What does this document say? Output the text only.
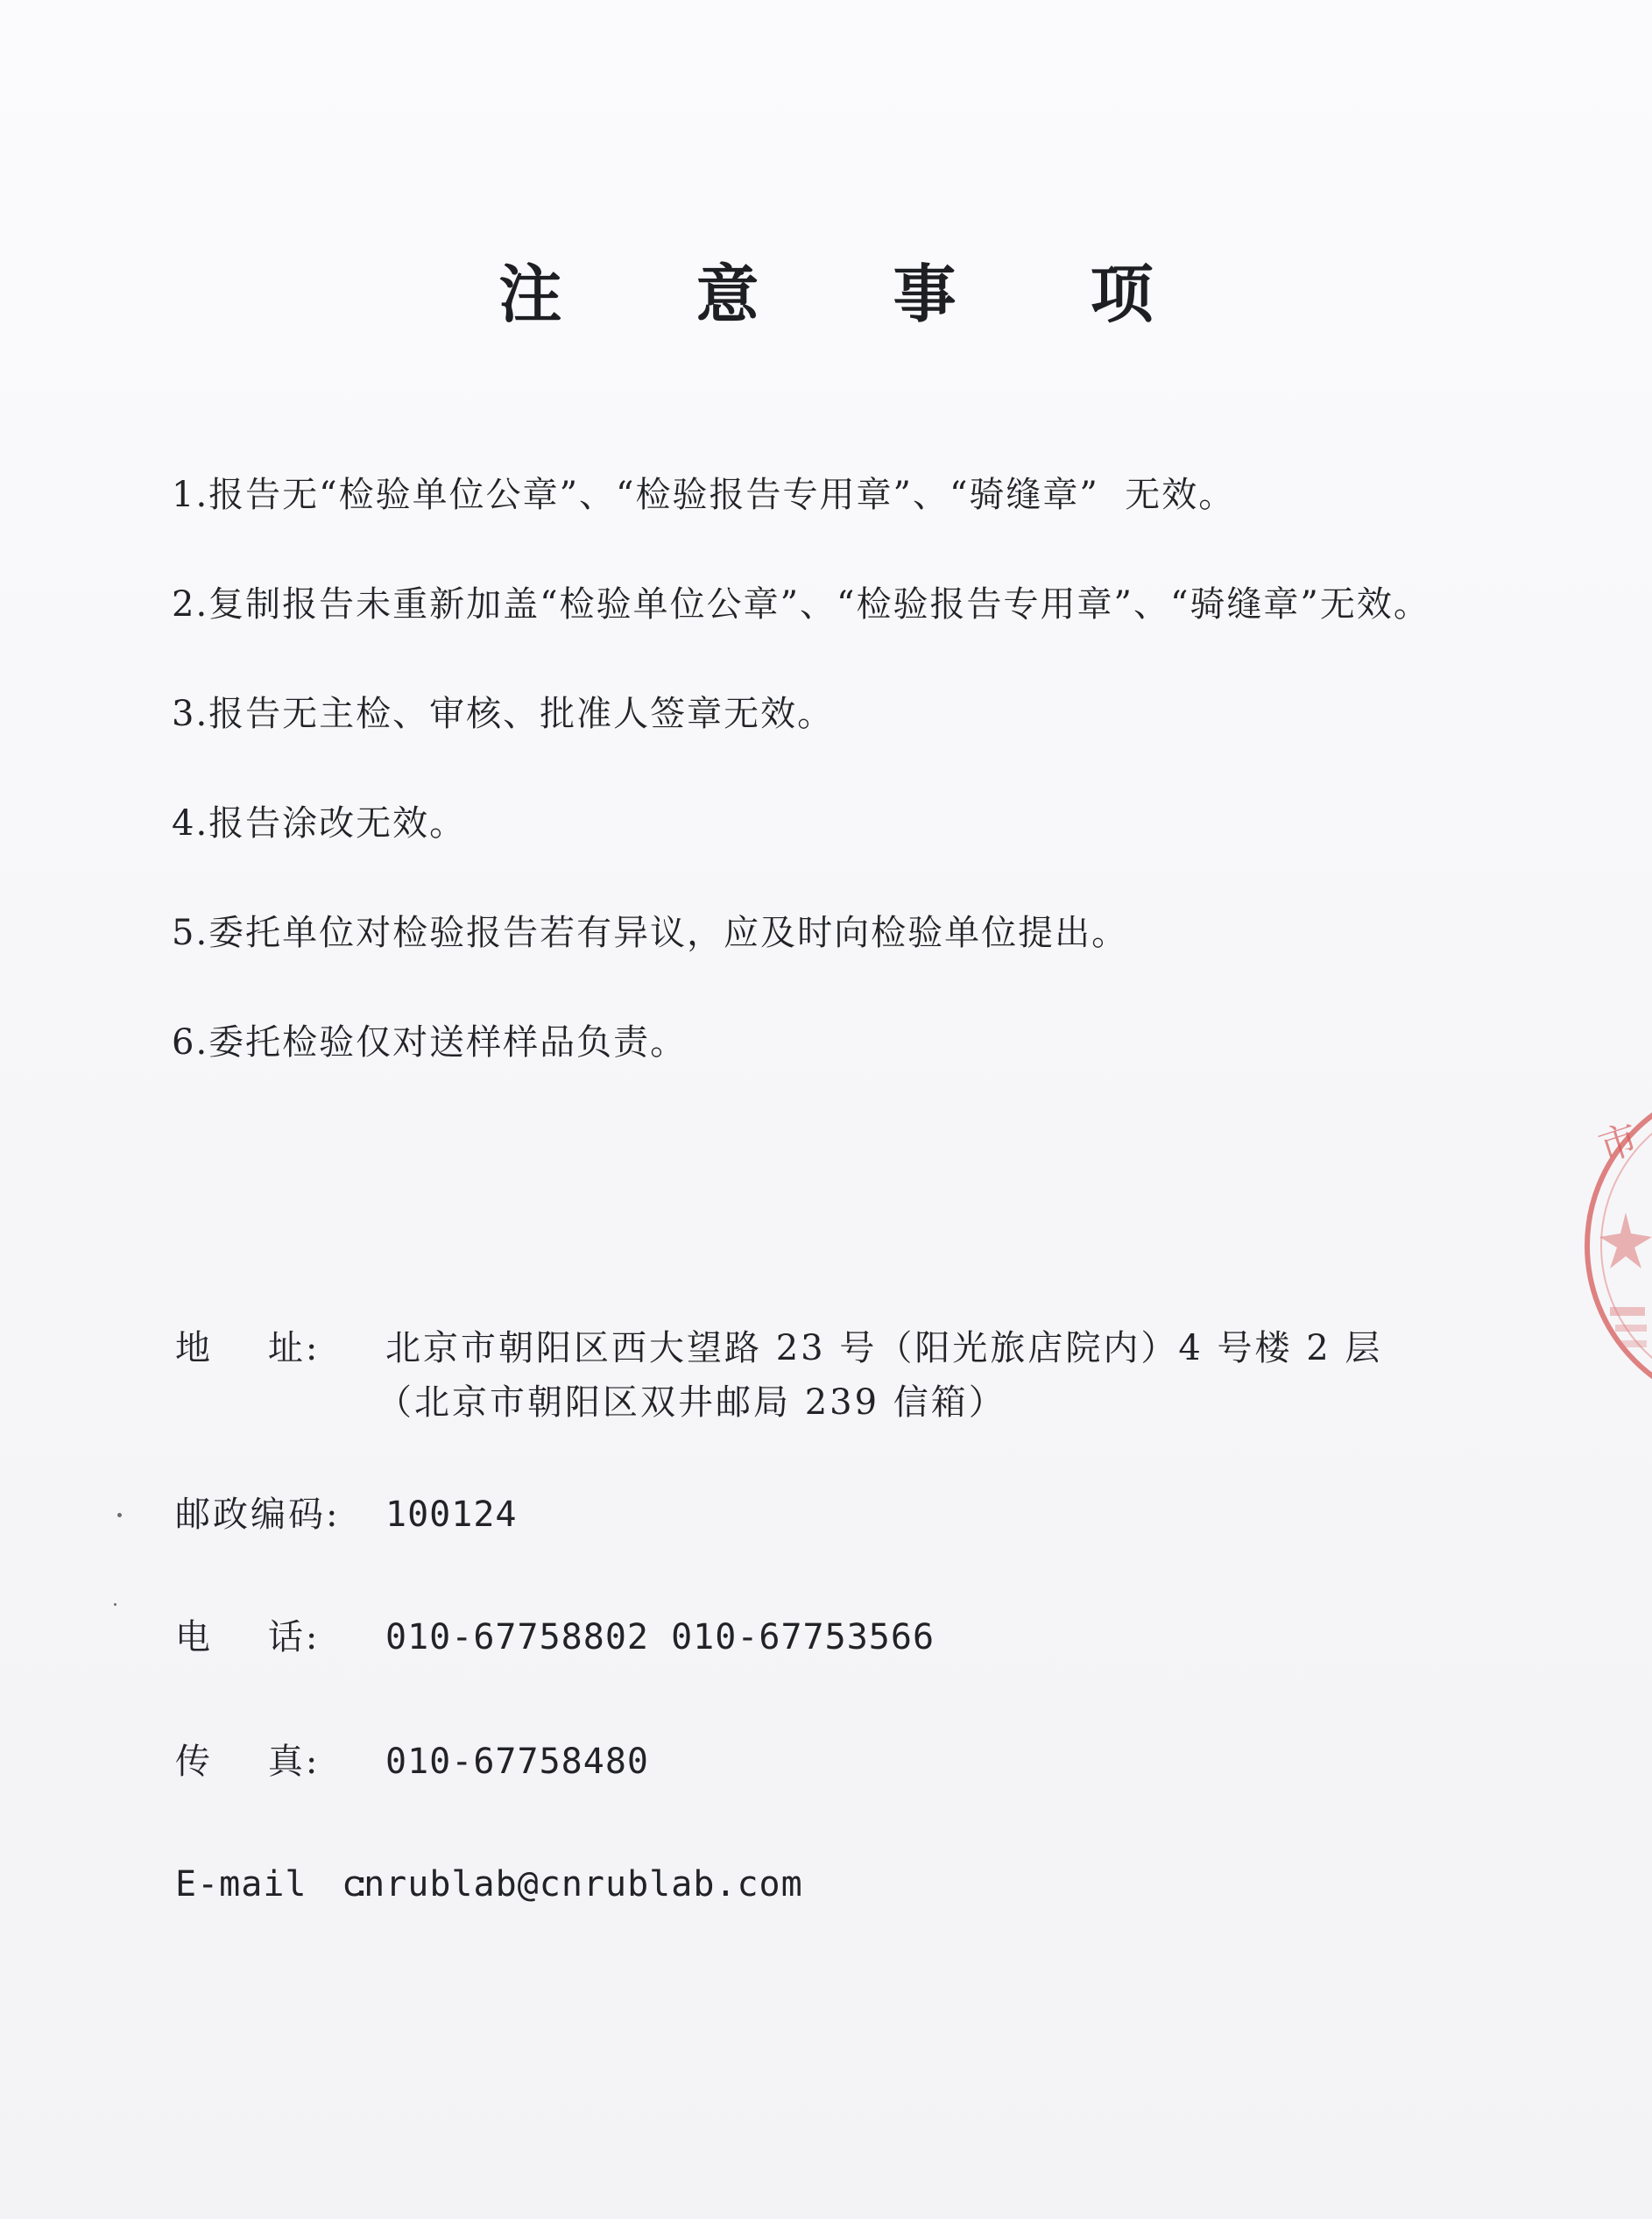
注 意 事 项
1.报告无“检验单位公章”、“检验报告专用章”、“骑缝章”  无效。
2.复制报告未重新加盖“检验单位公章”、“检验报告专用章”、“骑缝章”无效。
3.报告无主检、审核、批准人签章无效。
4.报告涂改无效。
5.委托单位对检验报告若有异议，应及时向检验单位提出。
6.委托检验仅对送样样品负责。
地    址: 北京市朝阳区西大望路 23 号（阳光旅店院内）4 号楼 2 层
（北京市朝阳区双井邮局 239 信箱）
邮政编码: 100124
电    话: 010-67758802 010-67753566
传    真: 010-67758480
E-mail  :cnrublab@cnrublab.com
市
